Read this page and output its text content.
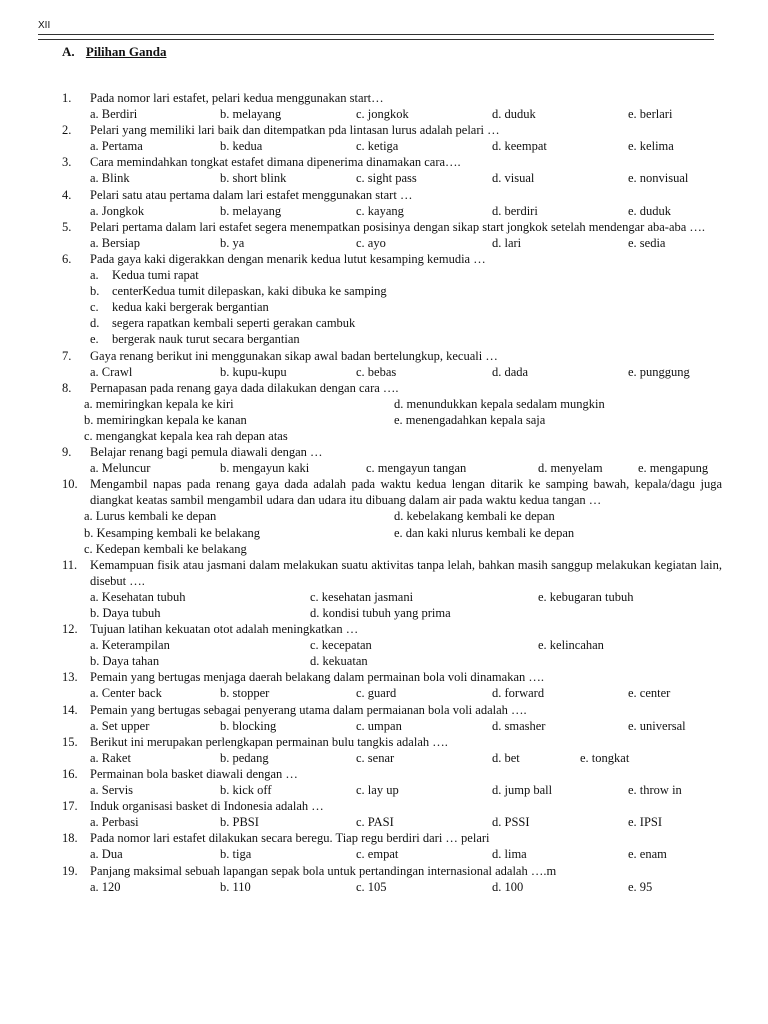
XII
A. Pilihan Ganda
1.	Pada nomor lari estafet, pelari kedua menggunakan start…
a. Berdiri	b. melayang	c. jongkok	d. duduk	e. berlari
2.	Pelari yang memiliki lari baik dan ditempatkan pda lintasan lurus adalah pelari …
a. Pertama	b. kedua	c. ketiga	d. keempat	e. kelima
3.	Cara memindahkan tongkat estafet dimana dipenerima dinamakan cara….
a. Blink	b. short blink	c. sight pass	d. visual	e. nonvisual
4.	Pelari satu atau pertama dalam lari estafet menggunakan start …
a. Jongkok	b. melayang	c. kayang	d. berdiri	e. duduk
5.	Pelari pertama dalam lari estafet segera menempatkan posisinya dengan sikap start jongkok setelah mendengar aba-aba ….
a. Bersiap	b. ya	c. ayo	d. lari	e. sedia
6.	Pada gaya kaki digerakkan dengan menarik kedua lutut kesamping kemudia …
a.	Kedua tumi rapat
b.	centerKedua tumit dilepaskan, kaki dibuka ke samping
c.	kedua kaki bergerak bergantian
d.	segera rapatkan kembali seperti gerakan cambuk
e.	bergerak nauk turut secara bergantian
7.	Gaya renang berikut ini menggunakan sikap awal badan bertelungkup, kecuali …
a. Crawl	b. kupu-kupu	c. bebas	d. dada	e. punggung
8.	Pernapasan pada renang gaya dada dilakukan dengan cara ….
a. memiringkan kepala ke kiri	d. menundukkan kepala sedalam mungkin
b. memiringkan kepala ke kanan	e. menengadahkan kepala saja
c. mengangkat kepala kea rah depan atas
9.	Belajar renang bagi pemula diawali dengan …
a. Meluncur	b. mengayun kaki	c. mengayun tangan	d. menyelam	e. mengapung
10. Mengambil napas pada renang gaya dada adalah pada waktu kedua lengan ditarik ke samping bawah, kepala/dagu juga diangkat keatas sambil mengambil udara dan udara itu dibuang dalam air pada waktu kedua tangan …
a. Lurus kembali ke depan	d. kebelakang kembali ke depan
b. Kesamping kembali ke belakang	e. dan kaki nlurus kembali ke depan
c. Kedepan kembali ke belakang
11.	Kemampuan fisik atau jasmani dalam melakukan suatu aktivitas tanpa lelah, bahkan masih sanggup melakukan kegiatan lain, disebut ….
a. Kesehatan tubuh	c. kesehatan jasmani	e. kebugaran tubuh
b. Daya tubuh	d. kondisi tubuh yang prima
12. Tujuan latihan kekuatan otot adalah meningkatkan …
a. Keterampilan	c. kecepatan	e. kelincahan
b. Daya tahan	d. kekuatan
13. Pemain yang bertugas menjaga daerah belakang dalam permainan bola voli dinamakan ….
a. Center back	b. stopper	c. guard	d. forward	e. center
14. Pemain yang bertugas sebagai penyerang utama dalam permaianan bola voli adalah ….
a. Set upper	b. blocking	c. umpan	d. smasher	e. universal
15. Berikut ini merupakan perlengkapan permainan bulu tangkis adalah ….
a. Raket	b. pedang	c. senar	d. bet	e. tongkat
16. Permainan bola basket diawali dengan …
a. Servis	b. kick off	c. lay up	d. jump ball	e. throw in
17. Induk organisasi basket di Indonesia adalah …
a. Perbasi	b. PBSI	c. PASI	d. PSSI	e. IPSI
18. Pada nomor lari estafet dilakukan secara beregu. Tiap regu berdiri dari … pelari
a. Dua	b. tiga	c. empat	d. lima	e. enam
19. Panjang maksimal sebuah lapangan sepak bola untuk pertandingan internasional adalah ….m
a. 120	b. 110	c. 105	d. 100	e. 95
